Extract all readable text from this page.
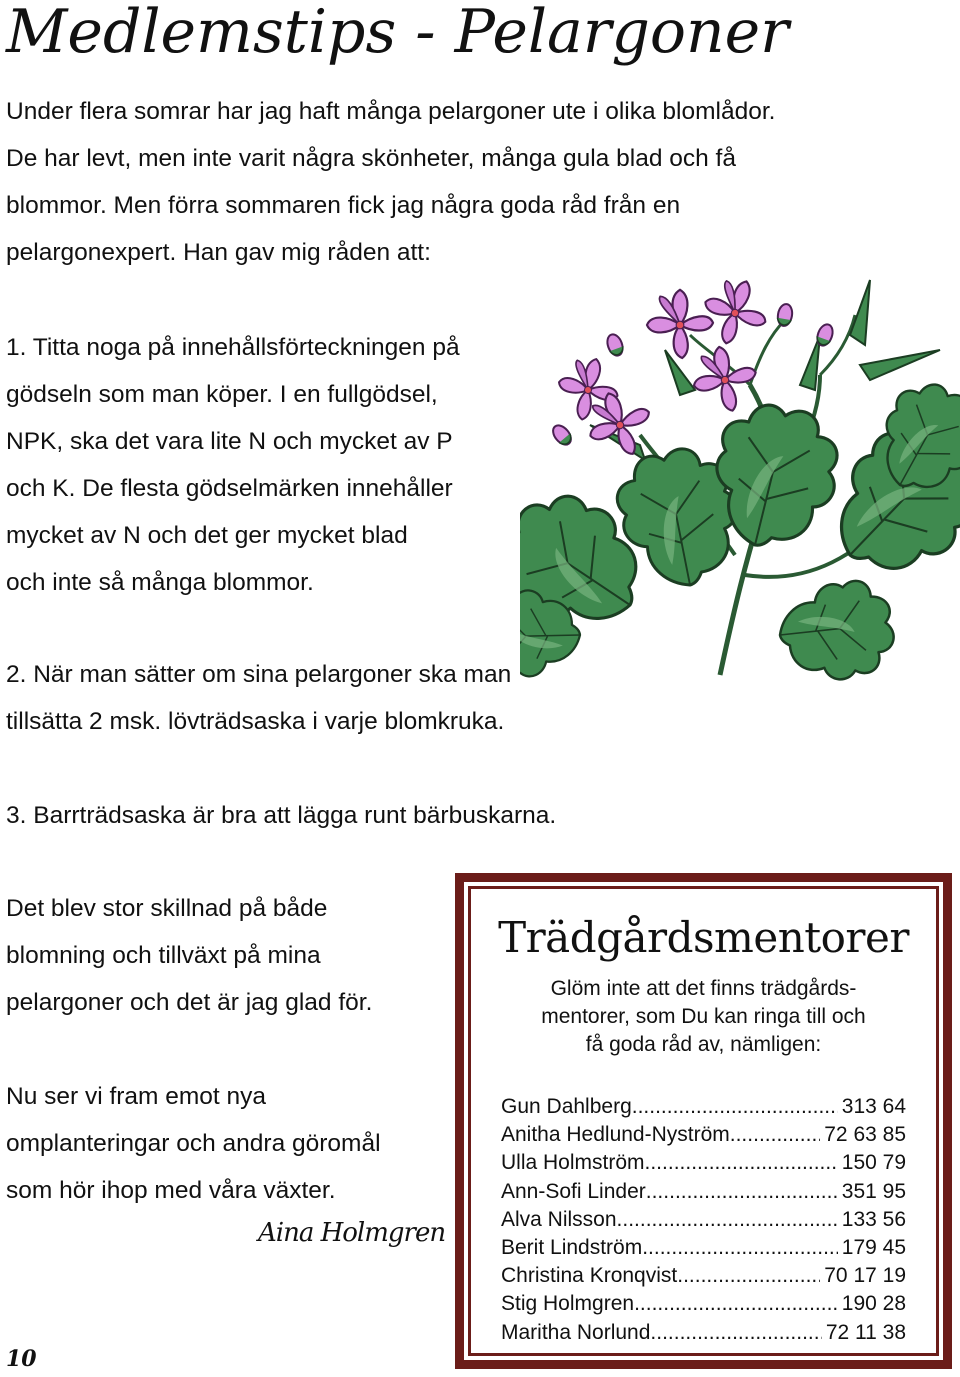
Medlemstips - Pelargoner
Under flera somrar har jag haft många pelargoner ute i olika blomlådor.
De har levt, men inte varit några skönheter, många gula blad och få
blommor. Men förra sommaren fick jag några goda råd från en
pelargonexpert. Han gav mig råden att:
1. Titta noga på innehållsförteckningen på
gödseln som man köper. I en fullgödsel,
NPK, ska det vara lite N och mycket av P
och K. De flesta gödselmärken innehåller
mycket av N och det ger mycket blad
och inte så många blommor.
2. När man sätter om sina pelargoner ska man
tillsätta 2 msk. lövträdsaska i varje blomkruka.
3. Barrträdsaska är bra att lägga runt bärbuskarna.
Det blev stor skillnad på både
blomning och tillväxt på mina
pelargoner och det är jag glad för.
Nu ser vi fram emot nya
omplanteringar och andra göromål
som hör ihop med våra växter.
Aina Holmgren
10
Trädgårdsmentorer
Glöm inte att det finns trädgårds-
mentorer, som Du kan ringa till och
få goda råd av, nämligen:
Gun Dahlberg .....	313 64
Anitha Hedlund-Nyström .....	72 63 85
Ulla Holmström .....	150 79
Ann-Sofi Linder .....	351 95
Alva Nilsson .....	133 56
Berit Lindström .....	179 45
Christina Kronqvist .....	70 17 19
Stig Holmgren .....	190 28
Maritha Norlund .....	72 11 38
